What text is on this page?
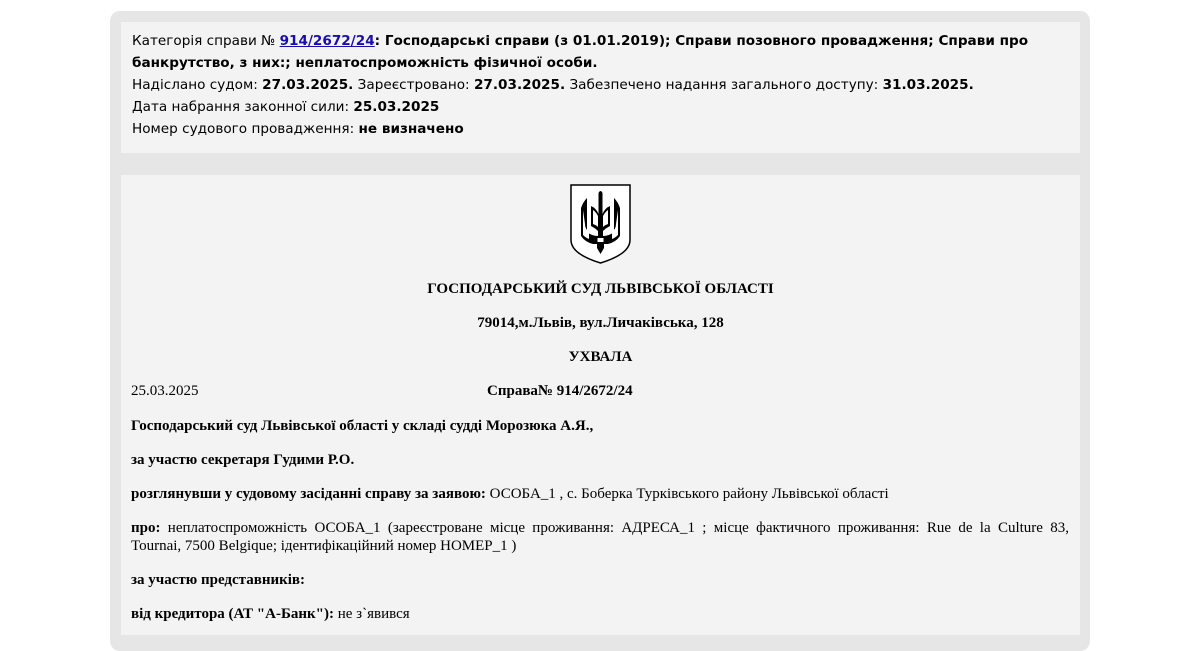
Категорія справи № 914/2672/24: Господарські справи (з 01.01.2019); Справи позовного провадження; Справи про банкрутство, з них:; неплатоспроможність фізичної особи.
Надіслано судом: 27.03.2025. Зареєстровано: 27.03.2025. Забезпечено надання загального доступу: 31.03.2025.
Дата набрання законної сили: 25.03.2025
Номер судового провадження: не визначено
ГОСПОДАРСЬКИЙ СУД ЛЬВІВСЬКОЇ ОБЛАСТІ
79014,м.Львів, вул.Личаківська, 128
УХВАЛА
25.03.2025	Справа№ 914/2672/24
Господарський суд Львівської області у складі судді Морозюка А.Я.,
за участю секретаря Гудими Р.О.
розглянувши у судовому засіданні справу за заявою: ОСОБА_1 , с. Боберка Турківського району Львівської області
про: неплатоспроможність ОСОБА_1 (зареєстроване місце проживання: АДРЕСА_1 ; місце фактичного проживання: Rue de la Culture 83, Tournai, 7500 Belgique; ідентифікаційний номер НОМЕР_1 )
за участю представників:
від кредитора (АТ "А-Банк"): не з`явився
